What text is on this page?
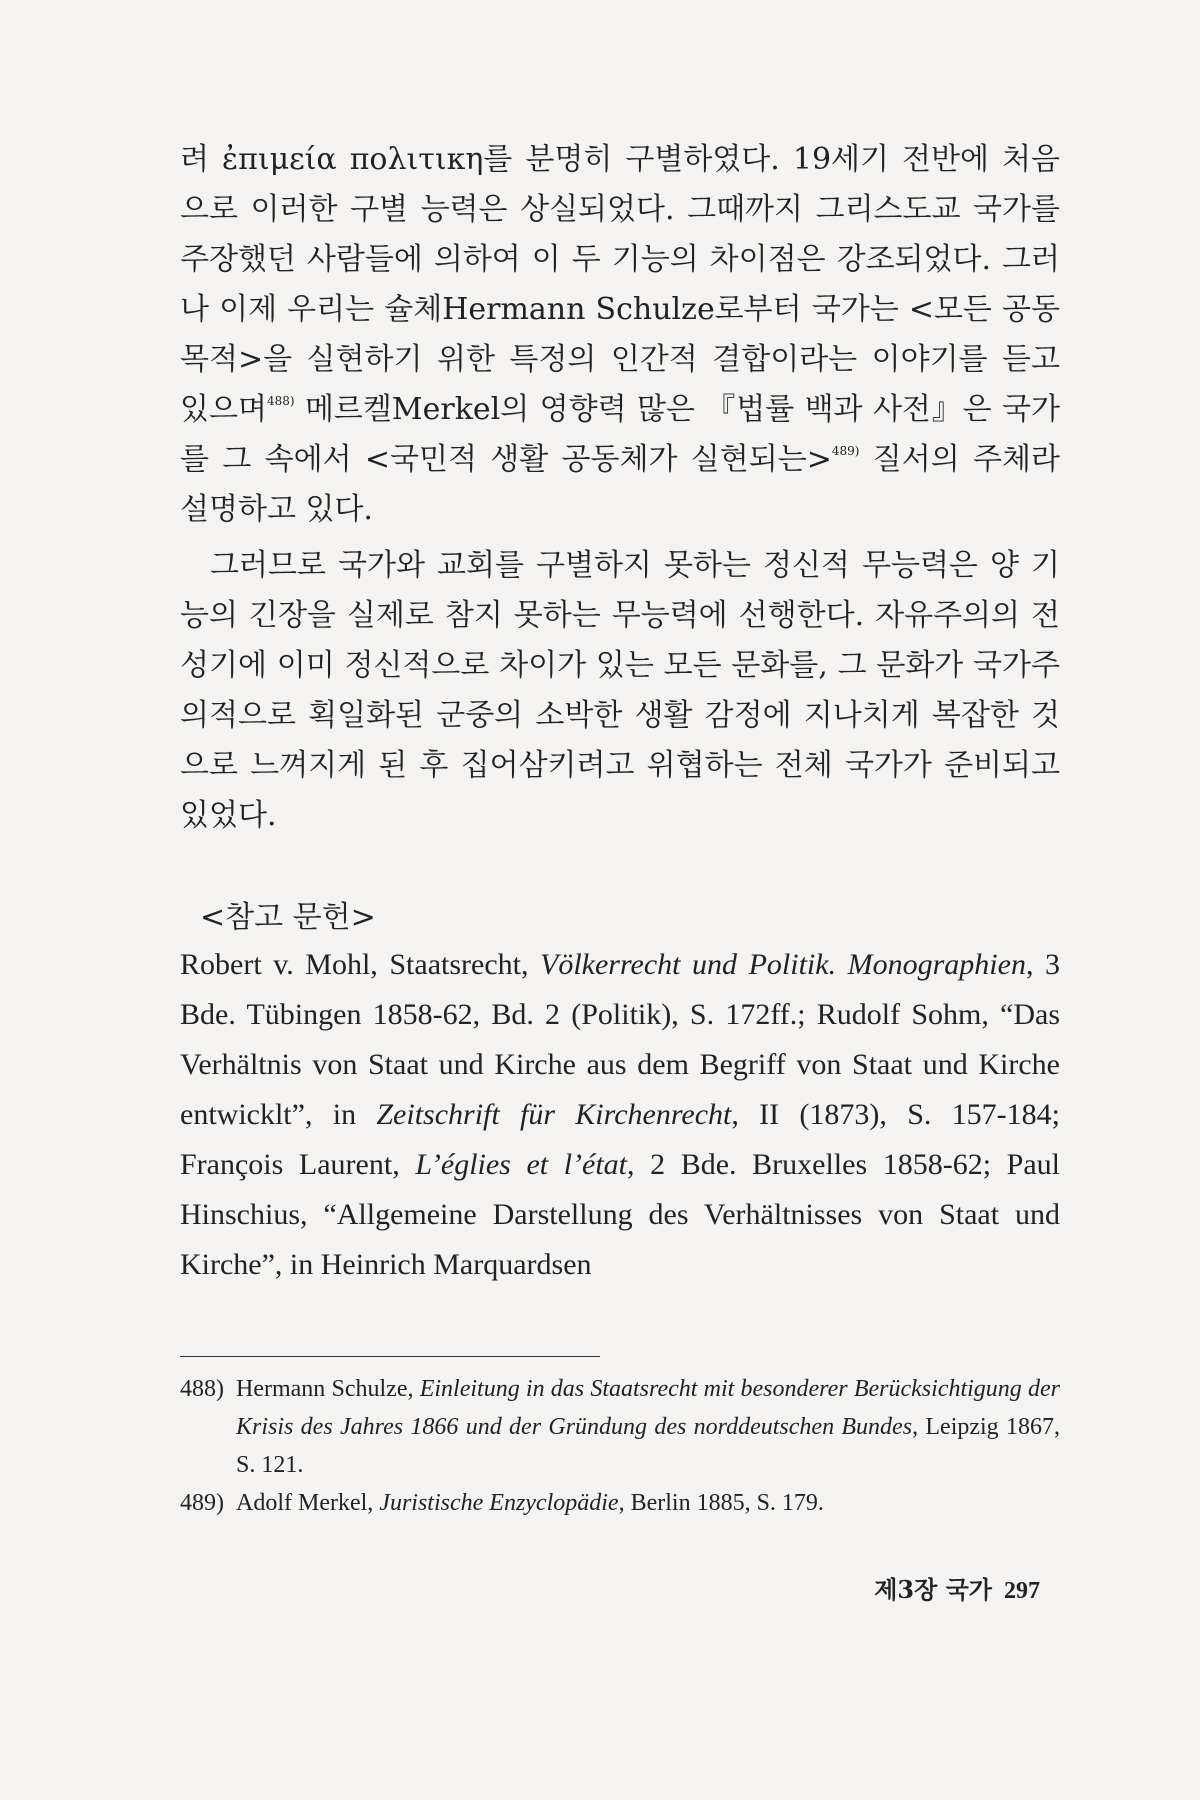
려 ἐπιμεία πολιτικη를 분명히 구별하였다. 19세기 전반에 처음으로 이러한 구별 능력은 상실되었다. 그때까지 그리스도교 국가를 주장했던 사람들에 의하여 이 두 기능의 차이점은 강조되었다. 그러나 이제 우리는 슐체Hermann Schulze로부터 국가는 <모든 공동 목적>을 실현하기 위한 특정의 인간적 결합이라는 이야기를 듣고 있으며$^{488)}$ 메르켈Merkel의 영향력 많은 『법률 백과 사전』은 국가를 그 속에서 <국민적 생활 공동체가 실현되는>$^{489)}$ 질서의 주체라 설명하고 있다.

그러므로 국가와 교회를 구별하지 못하는 정신적 무능력은 양 기능의 긴장을 실제로 참지 못하는 무능력에 선행한다. 자유주의의 전성기에 이미 정신적으로 차이가 있는 모든 문화를, 그 문화가 국가주의적으로 획일화된 군중의 소박한 생활 감정에 지나치게 복잡한 것으로 느껴지게 된 후 집어삼키려고 위협하는 전체 국가가 준비되고 있었다.

<참고 문헌>

Robert v. Mohl, Staatsrecht, Völkerrecht und Politik. Monographien, 3 Bde. Tübingen 1858-62, Bd. 2 (Politik), S. 172ff.; Rudolf Sohm, “Das Verhältnis von Staat und Kirche aus dem Begriff von Staat und Kirche entwicklt”, in Zeitschrift für Kirchenrecht, II (1873), S. 157-184; François Laurent, L’églies et l’état, 2 Bde. Bruxelles 1858-62; Paul Hinschius, “Allgemeine Darstellung des Verhältnisses von Staat und Kirche”, in Heinrich Marquardsen

488) Hermann Schulze, Einleitung in das Staatsrecht mit besonderer Berücksichtigung der Krisis des Jahres 1866 und der Gründung des norddeutschen Bundes, Leipzig 1867, S. 121.
489) Adolf Merkel, Juristische Enzyclopädie, Berlin 1885, S. 179.
제3장 국가 297
